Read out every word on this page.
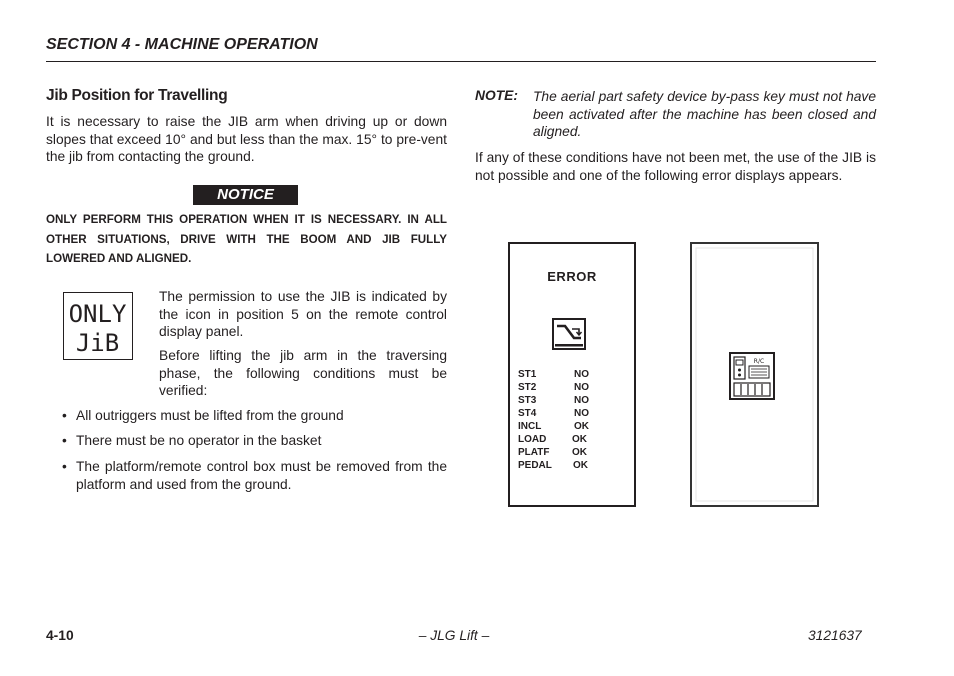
SECTION 4 - MACHINE OPERATION
Jib Position for Travelling

It is necessary to raise the JIB arm when driving up or down slopes that exceed 10° and but less than the max. 15° to pre-vent the jib from contacting the ground.

NOTICE

ONLY PERFORM THIS OPERATION WHEN IT IS NECESSARY. IN ALL OTHER SITUATIONS, DRIVE WITH THE BOOM AND JIB FULLY LOWERED AND ALIGNED.

ONLY
JiB

The permission to use the JIB is indicated by the icon in position 5 on the remote control display panel.

Before lifting the jib arm in the traversing phase, the following conditions must be verified:

• All outriggers must be lifted from the ground
• There must be no operator in the basket
• The platform/remote control box must be removed from the platform and used from the ground.
NOTE: The aerial part safety device by-pass key must not have been activated after the machine has been closed and aligned.

If any of these conditions have not been met, the use of the JIB is not possible and one of the following error displays appears.

ERROR
ST1	NO
ST2	NO
ST3	NO
ST4	NO
INCL	OK
LOAD	OK
PLATF OK
PEDAL OK
R/C
4-10	– JLG Lift –	3121637
